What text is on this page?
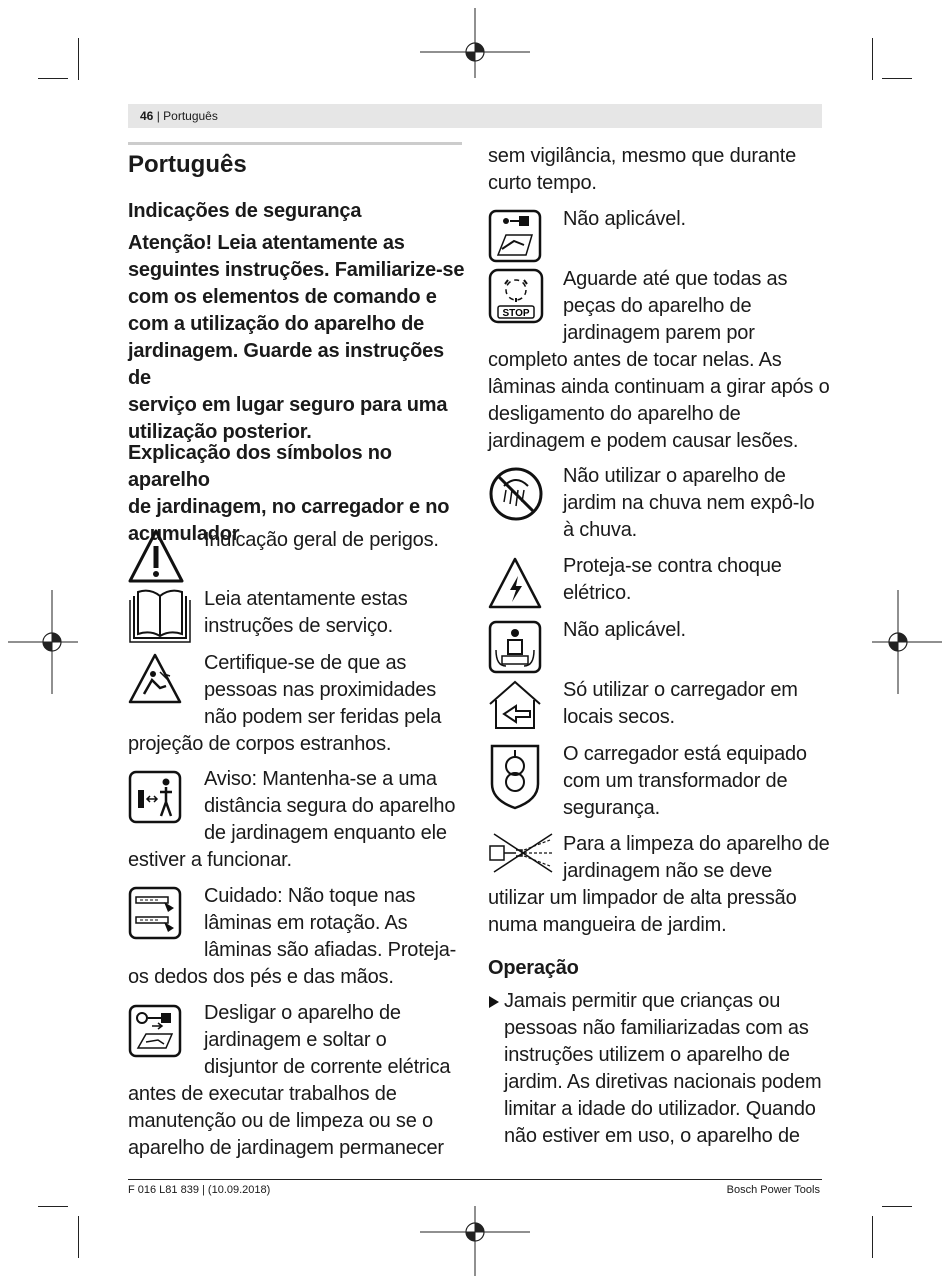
46 | Português
Português
Indicações de segurança
Atenção! Leia atentamente as
seguintes instruções. Familiarize-se
com os elementos de comando e
com a utilização do aparelho de
jardinagem. Guarde as instruções de
serviço em lugar seguro para uma
utilização posterior.
Explicação dos símbolos no aparelho
de jardinagem, no carregador e no
acumulador
Indicação geral de perigos.
Leia atentamente estas
instruções de serviço.
Certifique-se de que as
pessoas nas proximidades
não podem ser feridas pela
projeção de corpos estranhos.
Aviso: Mantenha-se a uma
distância segura do aparelho
de jardinagem enquanto ele
estiver a funcionar.
Cuidado: Não toque nas
lâminas em rotação. As
lâminas são afiadas. Proteja-
os dedos dos pés e das mãos.
Desligar o aparelho de
jardinagem e soltar o
disjuntor de corrente elétrica
antes de executar trabalhos de
manutenção ou de limpeza ou se o
aparelho de jardinagem permanecer
sem vigilância, mesmo que durante
curto tempo.
Não aplicável.
STOP
Aguarde até que todas as
peças do aparelho de
jardinagem parem por
completo antes de tocar nelas. As
lâminas ainda continuam a girar após o
desligamento do aparelho de
jardinagem e podem causar lesões.
Não utilizar o aparelho de
jardim na chuva nem expô-lo
à chuva.
Proteja-se contra choque
elétrico.
Não aplicável.
Só utilizar o carregador em
locais secos.
O carregador está equipado
com um transformador de
segurança.
Para a limpeza do aparelho de
jardinagem não se deve
utilizar um limpador de alta pressão
numa mangueira de jardim.
Operação
Jamais permitir que crianças ou
pessoas não familiarizadas com as
instruções utilizem o aparelho de
jardim. As diretivas nacionais podem
limitar a idade do utilizador. Quando
não estiver em uso, o aparelho de
F 016 L81 839 | (10.09.2018)	Bosch Power Tools
